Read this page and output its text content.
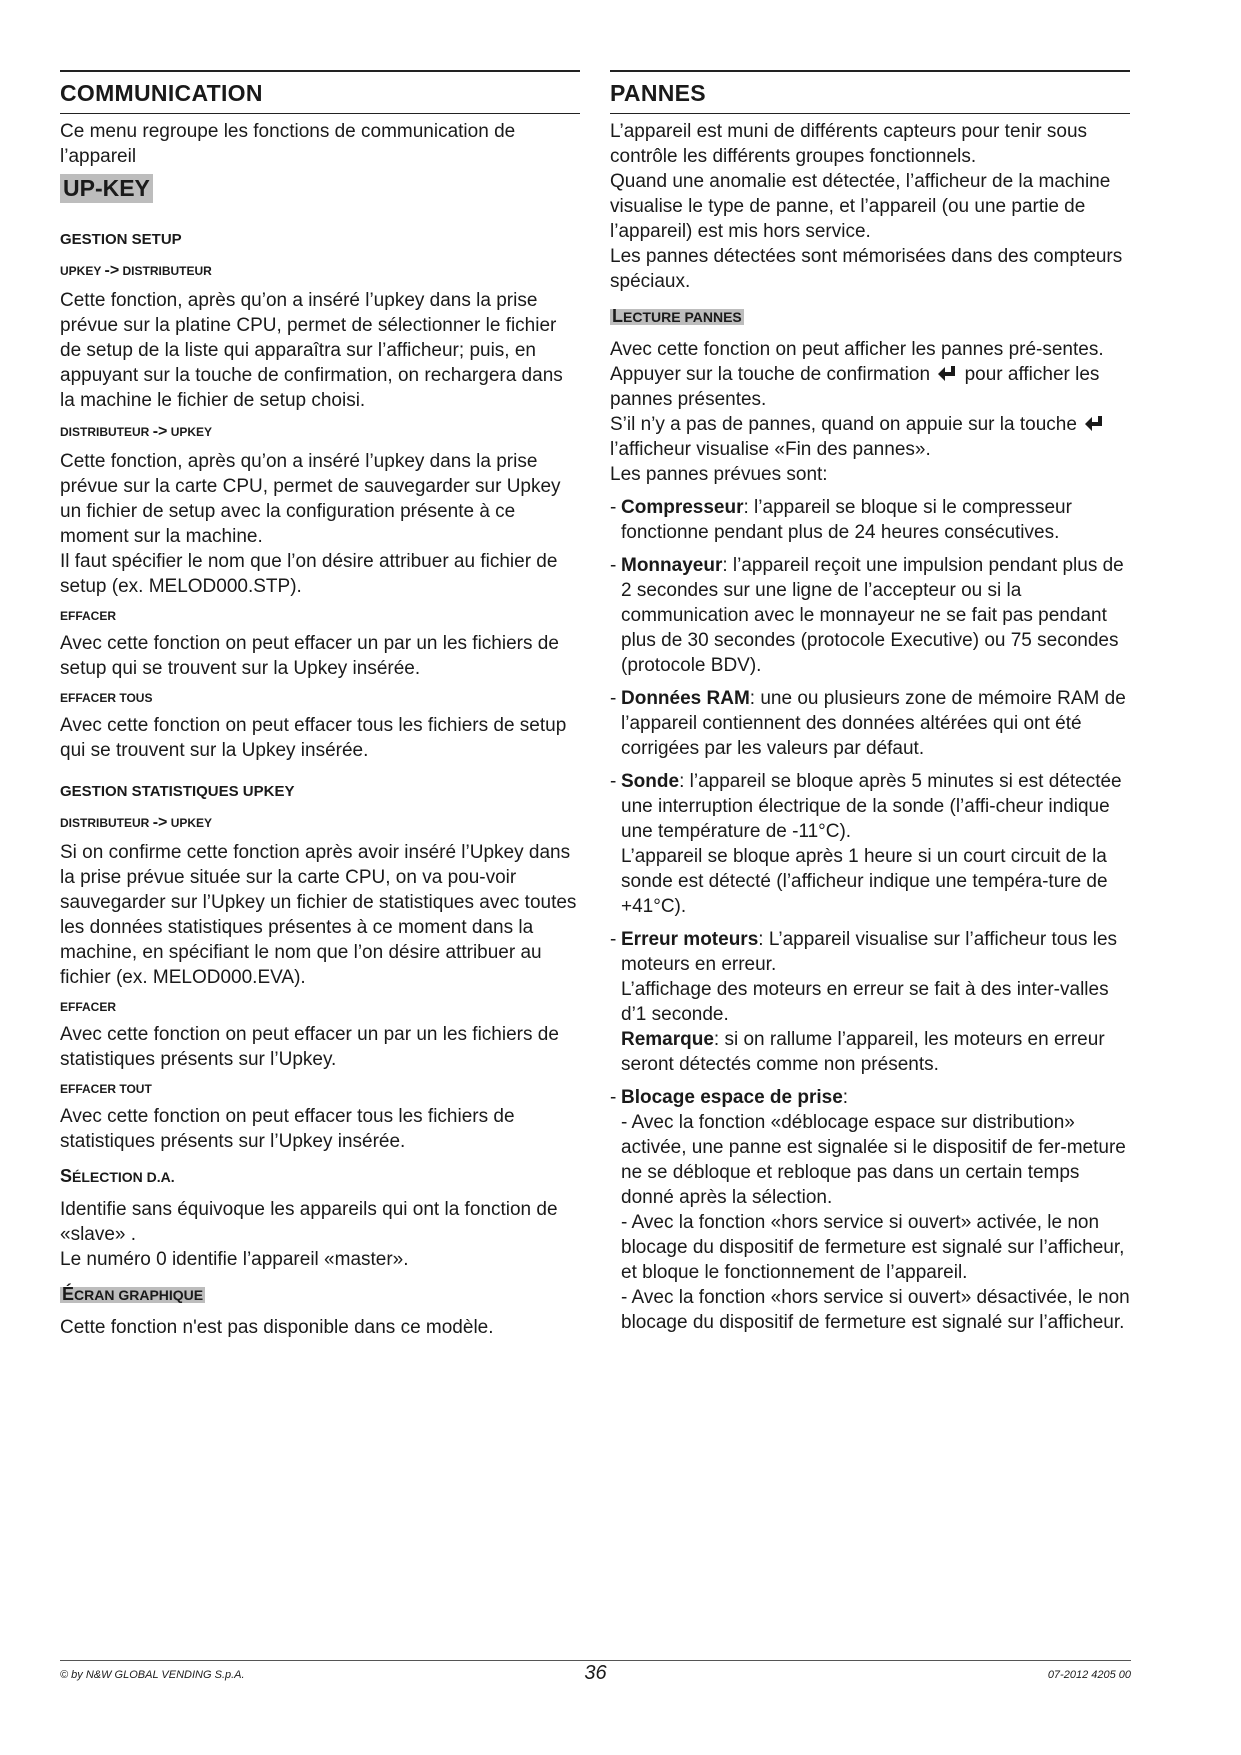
COMMUNICATION

Ce menu regroupe les fonctions de communication de l’appareil

UP-KEY
GESTION SETUP
UPKEY -> DISTRIBUTEUR

Cette fonction, après qu’on a inséré l’upkey dans la prise prévue sur la platine CPU, permet de sélectionner le fichier de setup de la liste qui apparaîtra sur l’afficheur; puis, en appuyant sur la touche de confirmation, on rechargera dans la machine le fichier de setup choisi.

DISTRIBUTEUR -> UPKEY

Cette fonction, après qu’on a inséré l’upkey dans la prise prévue sur la carte CPU, permet de sauvegarder sur Upkey un fichier de setup avec la configuration présente à ce moment sur la machine.

Il faut spécifier le nom que l’on désire attribuer au fichier de setup (ex. MELOD000.STP).

EFFACER

Avec cette fonction on peut effacer un par un les fichiers de setup qui se trouvent sur la Upkey insérée.

EFFACER TOUS

Avec cette fonction on peut effacer tous les fichiers de setup qui se trouvent sur la Upkey insérée.

GESTION STATISTIQUES UPKEY
DISTRIBUTEUR -> UPKEY

Si on confirme cette fonction après avoir inséré l’Upkey dans la prise prévue située sur la carte CPU, on va pou-voir sauvegarder sur l’Upkey un fichier de statistiques avec toutes les données statistiques présentes à ce moment dans la machine, en spécifiant le nom que l’on désire attribuer au fichier (ex. MELOD000.EVA).

EFFACER

Avec cette fonction on peut effacer un par un les fichiers de statistiques présents sur l’Upkey.

EFFACER TOUT

Avec cette fonction on peut effacer tous les fichiers de statistiques présents sur l’Upkey insérée.

SÉLECTION D.A.

Identifie sans équivoque les appareils qui ont la fonction de «slave» .

Le numéro 0 identifie l’appareil «master».

ÉCRAN GRAPHIQUE

Cette fonction n'est pas disponible dans ce modèle.

PANNES

L’appareil est muni de différents capteurs pour tenir sous contrôle les différents groupes fonctionnels.

Quand une anomalie est détectée, l’afficheur de la machine visualise le type de panne, et l’appareil (ou une partie de l’appareil) est mis hors service.

Les pannes détectées sont mémorisées dans des compteurs spéciaux.

LECTURE PANNES

Avec cette fonction on peut afficher les pannes pré-sentes.

Appuyer sur la touche de confirmation pour afficher les pannes présentes.

S’il n’y a pas de pannes, quand on appuie sur la touche  l’afficheur visualise «Fin des pannes».

Les pannes prévues sont:

- Compresseur: l’appareil se bloque si le compresseur fonctionne pendant plus de 24 heures consécutives.
- Monnayeur: l’appareil reçoit une impulsion pendant plus de 2 secondes sur une ligne de l’accepteur ou si la communication avec le monnayeur ne se fait pas pendant plus de 30 secondes (protocole Executive) ou 75 secondes (protocole BDV).
- Données RAM: une ou plusieurs zone de mémoire RAM de l’appareil contiennent des données altérées qui ont été corrigées par les valeurs par défaut.
- Sonde: l’appareil se bloque après 5 minutes si est détectée une interruption électrique de la sonde (l’affi-cheur indique une température de -11°C).
L’appareil se bloque après 1 heure si un court circuit de la sonde est détecté (l’afficheur indique une tempéra-ture de +41°C).
- Erreur moteurs: L’appareil visualise sur l’afficheur tous les moteurs en erreur.
L’affichage des moteurs en erreur se fait à des inter-valles d’1 seconde.
Remarque: si on rallume l’appareil, les moteurs en erreur seront détectés comme non présents.
- Blocage espace de prise:
- Avec la fonction «déblocage espace sur distribution» activée, une panne est signalée si le dispositif de fer-meture ne se débloque et rebloque pas dans un certain temps donné après la sélection.
- Avec la fonction «hors service si ouvert» activée, le non blocage du dispositif de fermeture est signalé sur l’afficheur, et bloque le fonctionnement de l’appareil.
- Avec la fonction «hors service si ouvert» désactivée, le non blocage du dispositif de fermeture est signalé sur l’afficheur.
© by N&W GLOBAL VENDING S.p.A.	36	07-2012 4205 00
